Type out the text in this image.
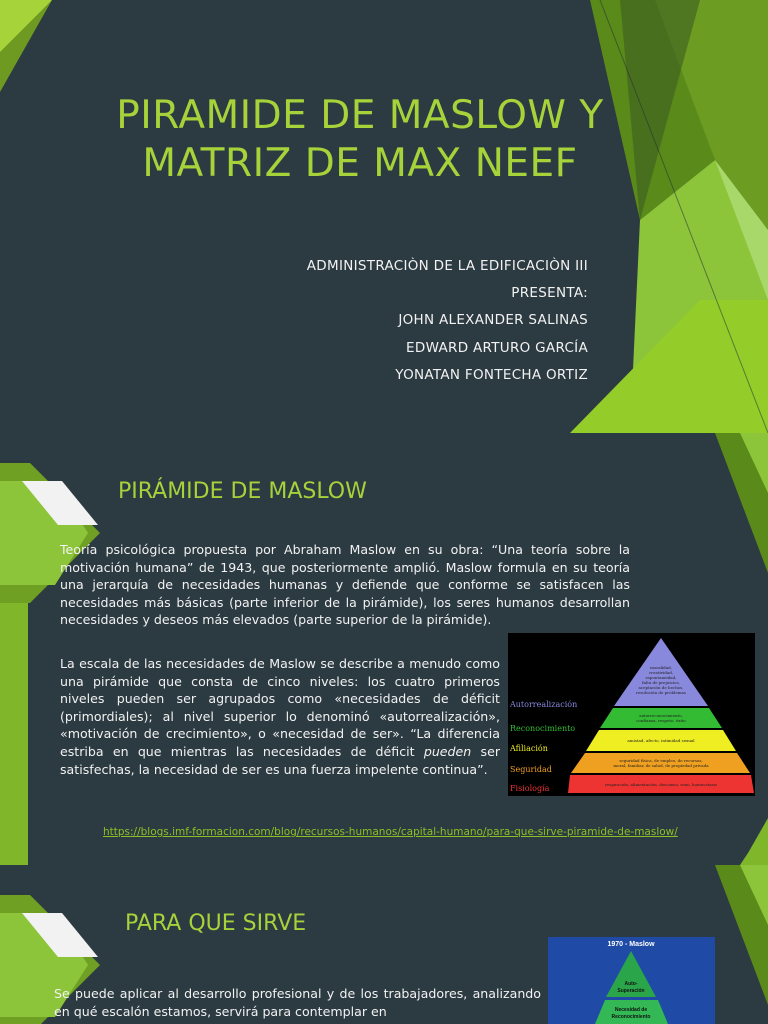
PIRAMIDE DE MASLOW Y
MATRIZ DE MAX NEEF
ADMINISTRACIÒN DE LA EDIFICACIÒN III
PRESENTA:
JOHN ALEXANDER SALINAS
EDWARD ARTURO GARCÍA
YONATAN FONTECHA ORTIZ
PIRÁMIDE DE MASLOW

Teoría psicológica propuesta por Abraham Maslow en su obra: “Una teoría sobre la motivación humana” de 1943, que posteriormente amplió. Maslow formula en su teoría una jerarquía de necesidades humanas y defiende que conforme se satisfacen las necesidades más básicas (parte inferior de la pirámide), los seres humanos desarrollan necesidades y deseos más elevados (parte superior de la pirámide).

La escala de las necesidades de Maslow se describe a menudo como una pirámide que consta de cinco niveles: los cuatro primeros niveles pueden ser agrupados como «necesidades de déficit (primordiales); al nivel superior lo denominó «autorrealización», «motivación de crecimiento», o «necesidad de ser». “La diferencia estriba en que mientras las necesidades de déficit pueden ser satisfechas, la necesidad de ser es una fuerza impelente continua”.

moralidad,
creatividad,
espontaneidad,
falta de prejuicios,
aceptación de hechos,
resolución de problemas
autorreconocimiento,
confianza, respeto, éxito
amistad, afecto, intimidad sexual
seguridad física, de empleo, de recursos,
moral, familiar, de salud, de propiedad privada
respiración, alimentación, descanso, sexo, homeostasis
Autorrealización
Reconocimiento
Afiliación
Seguridad
Fisiología
https://blogs.imf-formacion.com/blog/recursos-humanos/capital-humano/para-que-sirve-piramide-de-maslow/
PARA QUE SIRVE

Se puede aplicar al desarrollo profesional y de los trabajadores, analizando en qué escalón estamos, servirá para contemplar en

1970 - Maslow
Auto-
Superación
Necesidad de
Reconocimiento
